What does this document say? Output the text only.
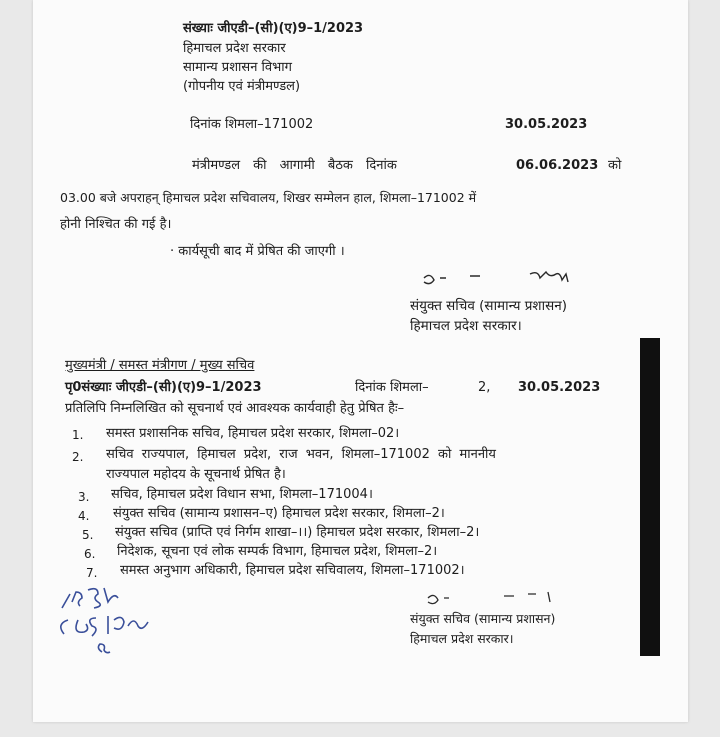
संख्याः जीएडी–(सी)(ए)9–1/2023
हिमाचल प्रदेश सरकार
सामान्य प्रशासन विभाग
(गोपनीय एवं मंत्रीमण्डल)
दिनांक शिमला–171002	30.05.2023
मंत्रीमण्डल की आगामी बैठक दिनांक	06.06.2023 को
03.00 बजे अपराहन् हिमाचल प्रदेश सचिवालय, शिखर सम्मेलन हाल, शिमला–171002 में
होनी निश्चित की गई है।
· कार्यसूची बाद में प्रेषित की जाएगी ।
संयुक्त सचिव (सामान्य प्रशासन)
हिमाचल प्रदेश सरकार।
मुख्यमंत्री / समस्त मंत्रीगण / मुख्य सचिव
पृ0संख्याः जीएडी–(सी)(ए)9–1/2023	दिनांक शिमला–	2, 30.05.2023
प्रतिलिपि निम्नलिखित को सूचनार्थ एवं आवश्यक कार्यवाही हेतु प्रेषित हैः–
1. समस्त प्रशासनिक सचिव, हिमाचल प्रदेश सरकार, शिमला–02।
2. सचिव राज्यपाल, हिमाचल प्रदेश, राज भवन, शिमला–171002 को माननीय
राज्यपाल महोदय के सूचनार्थ प्रेषित है।
3. सचिव, हिमाचल प्रदेश विधान सभा, शिमला–171004।
4. संयुक्त सचिव (सामान्य प्रशासन–ए) हिमाचल प्रदेश सरकार, शिमला–2।
5. संयुक्त सचिव (प्राप्ति एवं निर्गम शाखा–।।) हिमाचल प्रदेश सरकार, शिमला–2।
6. निदेशक, सूचना एवं लोक सम्पर्क विभाग, हिमाचल प्रदेश, शिमला–2।
7. समस्त अनुभाग अधिकारी, हिमाचल प्रदेश सचिवालय, शिमला–171002।
संयुक्त सचिव (सामान्य प्रशासन)
हिमाचल प्रदेश सरकार।
